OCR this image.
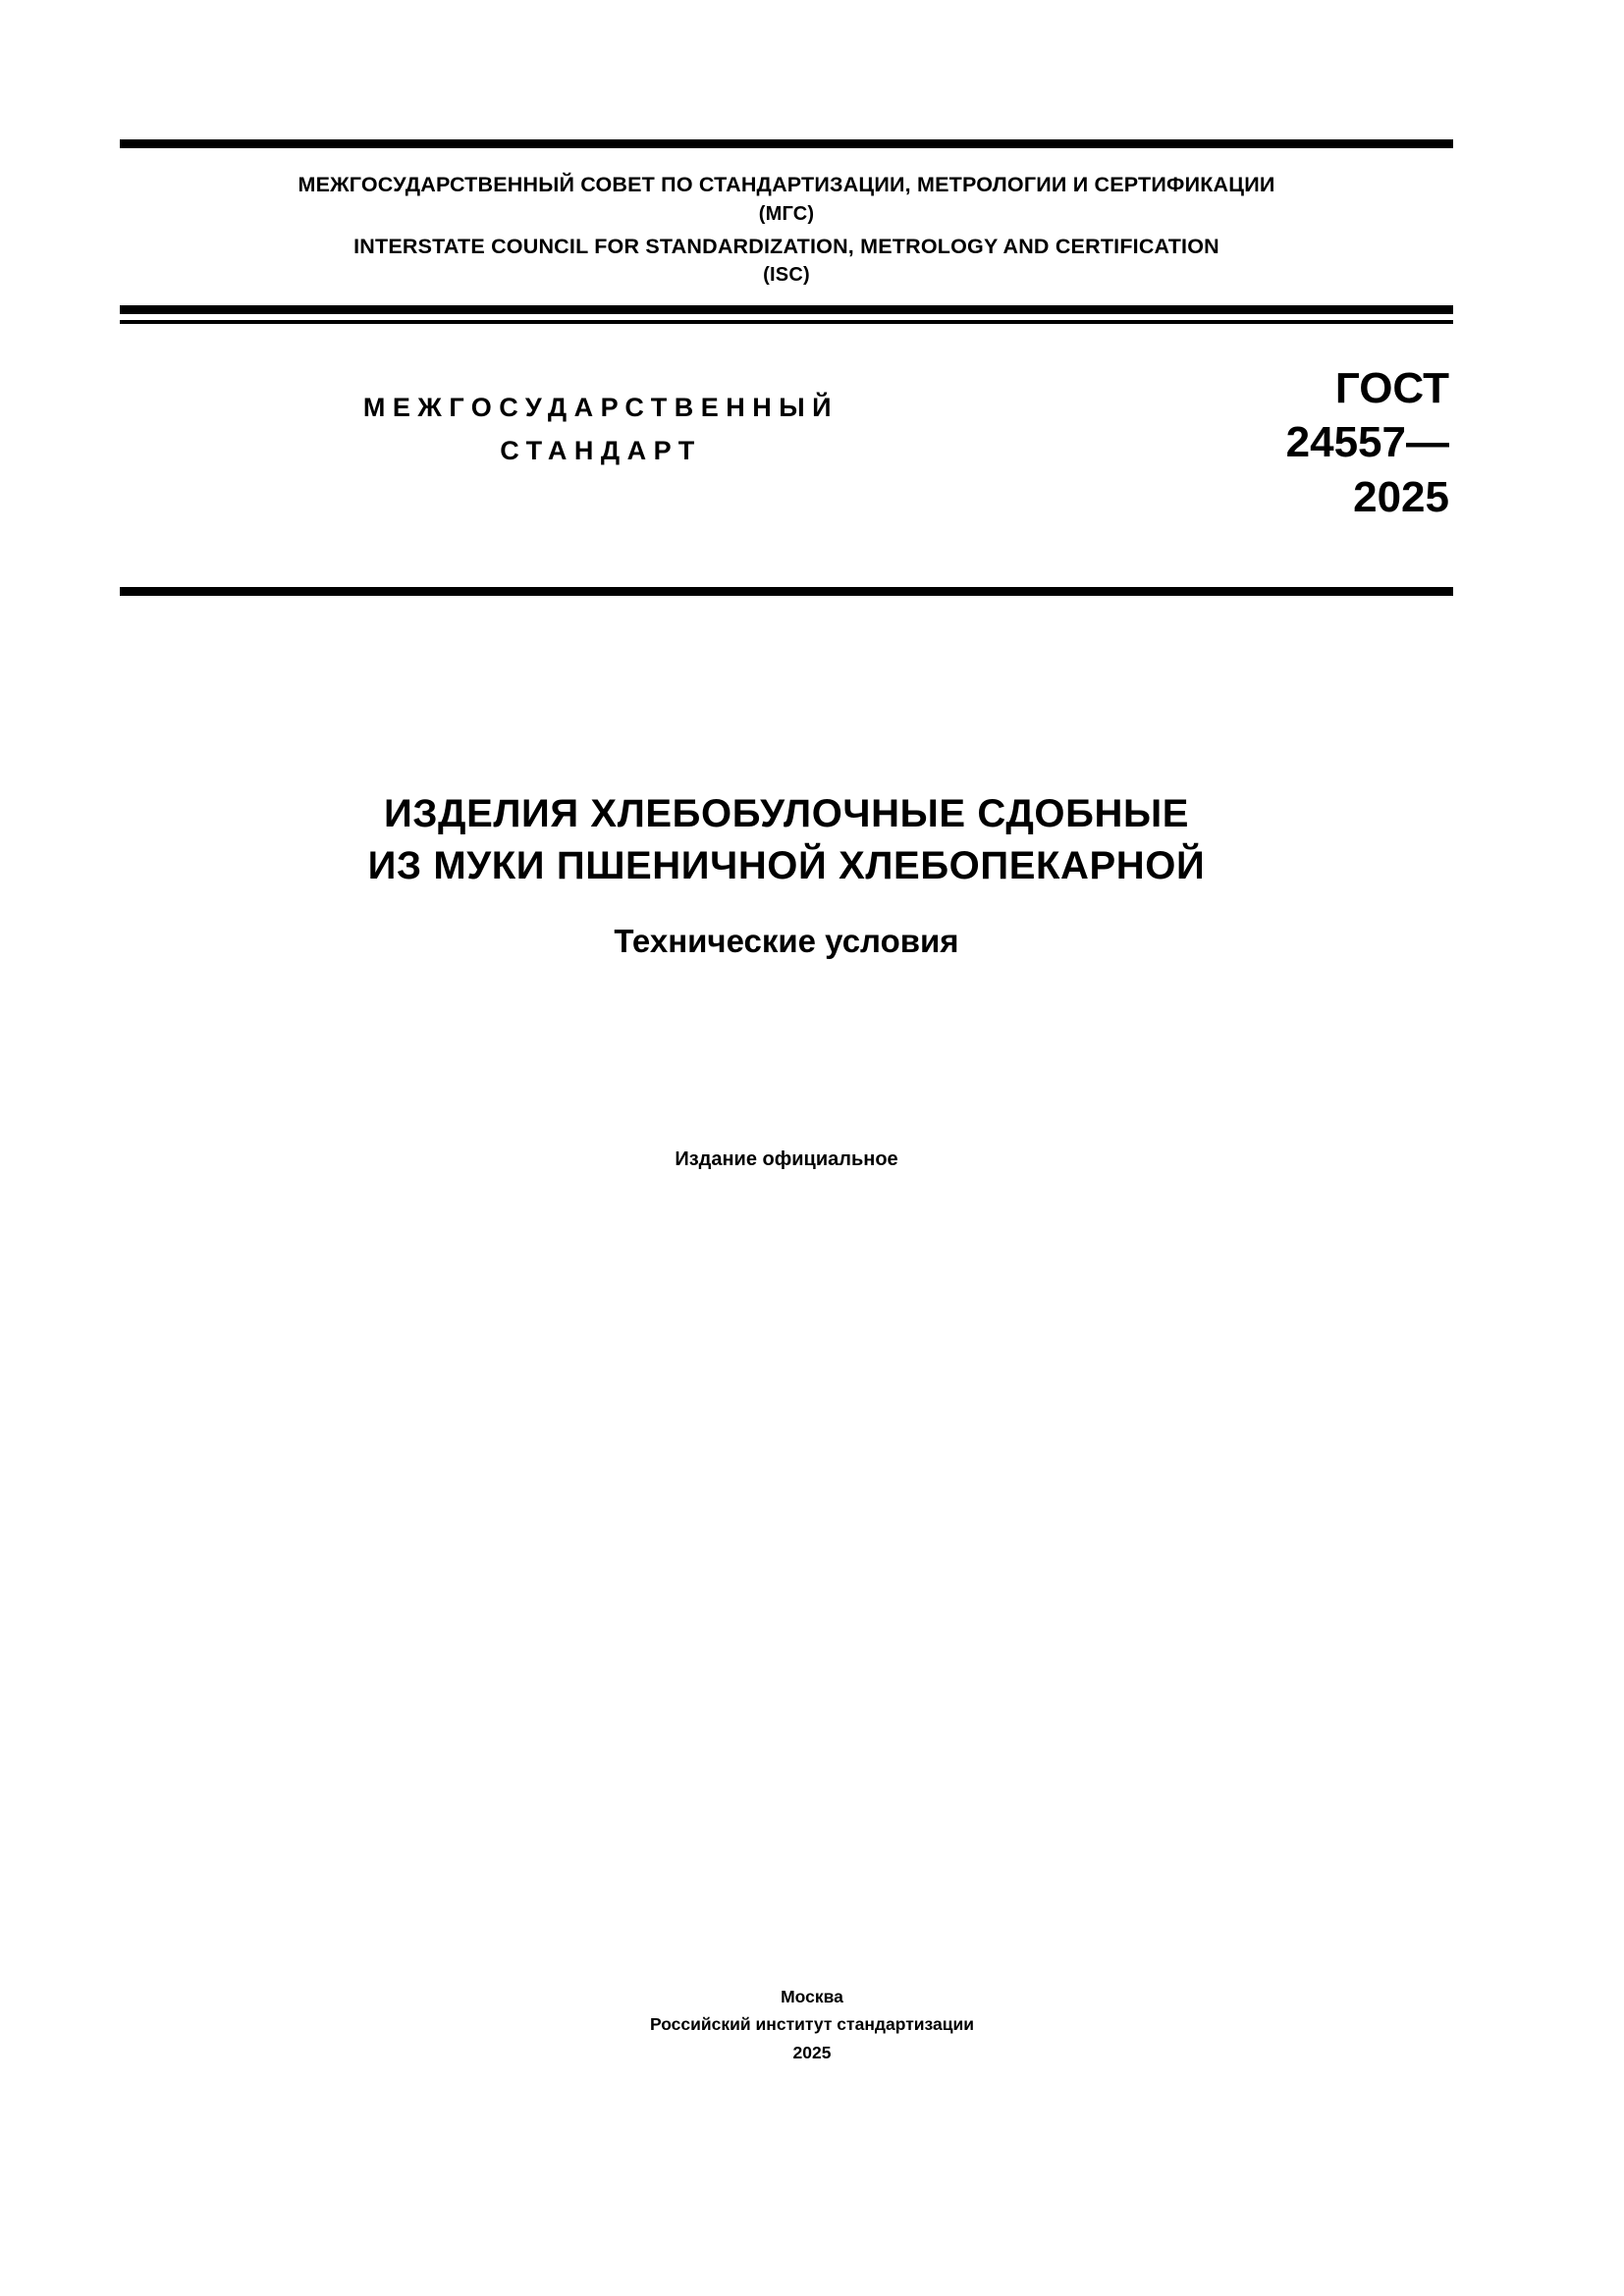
МЕЖГОСУДАРСТВЕННЫЙ СОВЕТ ПО СТАНДАРТИЗАЦИИ, МЕТРОЛОГИИ И СЕРТИФИКАЦИИ
(МГС)
INTERSTATE COUNCIL FOR STANDARDIZATION, METROLOGY AND CERTIFICATION
(ISC)
МЕЖГОСУДАРСТВЕННЫЙ
СТАНДАРТ
ГОСТ
24557—
2025
ИЗДЕЛИЯ ХЛЕБОБУЛОЧНЫЕ СДОБНЫЕ
ИЗ МУКИ ПШЕНИЧНОЙ ХЛЕБОПЕКАРНОЙ
Технические условия
Издание официальное
Москва
Российский институт стандартизации
2025
